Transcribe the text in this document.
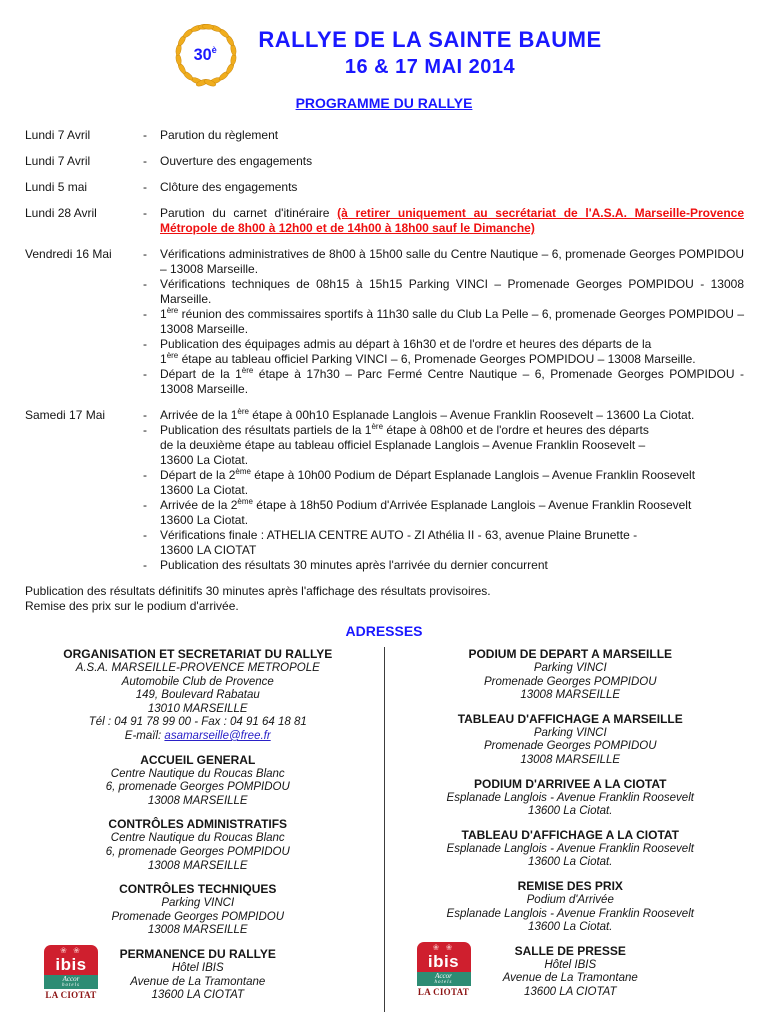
$30^è$ RALLYE DE LA SAINTE BAUME
16 & 17 MAI 2014
PROGRAMME DU RALLYE
Lundi 7 Avril	-	Parution du règlement
Lundi 7 Avril	-	Ouverture des engagements
Lundi 5 mai	-	Clôture des engagements
Lundi 28 Avril	-	Parution du carnet d'itinéraire (à retirer uniquement au secrétariat de l'A.S.A. Marseille-Provence Métropole de 8h00 à 12h00 et de 14h00 à 18h00 sauf le Dimanche)
Vendredi 16 Mai	-	Vérifications administratives de 8h00 à 15h00 salle du Centre Nautique – 6, promenade Georges POMPIDOU – 13008 Marseille.
-	Vérifications techniques de 08h15 à 15h15 Parking VINCI – Promenade Georges POMPIDOU - 13008 Marseille.
-	1ère réunion des commissaires sportifs à 11h30 salle du Club La Pelle – 6, promenade Georges POMPIDOU – 13008 Marseille.
-	Publication des équipages admis au départ à 16h30 et de l'ordre et heures des départs de la
1ère étape au tableau officiel Parking VINCI – 6, Promenade Georges POMPIDOU – 13008 Marseille.
-	Départ de la 1ère étape à 17h30 – Parc Fermé Centre Nautique – 6, Promenade Georges POMPIDOU - 13008 Marseille.
Samedi 17 Mai	-	Arrivée de la 1ère étape à 00h10 Esplanade Langlois – Avenue Franklin Roosevelt – 13600 La Ciotat.
-	Publication des résultats partiels de la 1ère étape à 08h00 et de l'ordre et heures des départs
de la deuxième étape au tableau officiel Esplanade Langlois – Avenue Franklin Roosevelt –
13600 La Ciotat.
-	Départ de la 2ème étape à 10h00 Podium de Départ Esplanade Langlois – Avenue Franklin Roosevelt
13600 La Ciotat.
-	Arrivée de la 2ème étape à 18h50 Podium d'Arrivée Esplanade Langlois – Avenue Franklin Roosevelt
13600 La Ciotat.
-	Vérifications finale : ATHELIA CENTRE AUTO - ZI Athélia II - 63, avenue Plaine Brunette -
13600 LA CIOTAT
-	Publication des résultats 30 minutes après l'arrivée du dernier concurrent
Publication des résultats définitifs 30 minutes après l'affichage des résultats provisoires.
Remise des prix sur le podium d'arrivée.
ADRESSES
ORGANISATION ET SECRETARIAT DU RALLYE
A.S.A. MARSEILLE-PROVENCE METROPOLE
Automobile Club de Provence
149, Boulevard Rabatau
13010 MARSEILLE
Tél : 04 91 78 99 00 - Fax : 04 91 64 18 81
E-maïl: asamarseille@free.fr
ACCUEIL GENERAL
Centre Nautique du Roucas Blanc
6, promenade Georges POMPIDOU
13008 MARSEILLE
CONTRÔLES ADMINISTRATIFS
Centre Nautique du Roucas Blanc
6, promenade Georges POMPIDOU
13008 MARSEILLE
CONTRÔLES TECHNIQUES
Parking VINCI
Promenade Georges POMPIDOU
13008 MARSEILLE
❀ ❀
ibis
Accor
hotels
LA CIOTAT
PERMANENCE DU RALLYE
Hôtel IBIS
Avenue de La Tramontane
13600 LA CIOTAT
PODIUM DE DEPART A MARSEILLE
Parking VINCI
Promenade Georges POMPIDOU
13008 MARSEILLE
TABLEAU D'AFFICHAGE A MARSEILLE
Parking VINCI
Promenade Georges POMPIDOU
13008 MARSEILLE
PODIUM D'ARRIVEE A LA CIOTAT
Esplanade Langlois - Avenue Franklin Roosevelt
13600 La Ciotat.
TABLEAU D'AFFICHAGE A LA CIOTAT
Esplanade Langlois - Avenue Franklin Roosevelt
13600 La Ciotat.
REMISE DES PRIX
Podium d'Arrivée
Esplanade Langlois - Avenue Franklin Roosevelt
13600 La Ciotat.
❀ ❀
ibis
Accor
hotels
LA CIOTAT
SALLE DE PRESSE
Hôtel IBIS
Avenue de La Tramontane
13600 LA CIOTAT
